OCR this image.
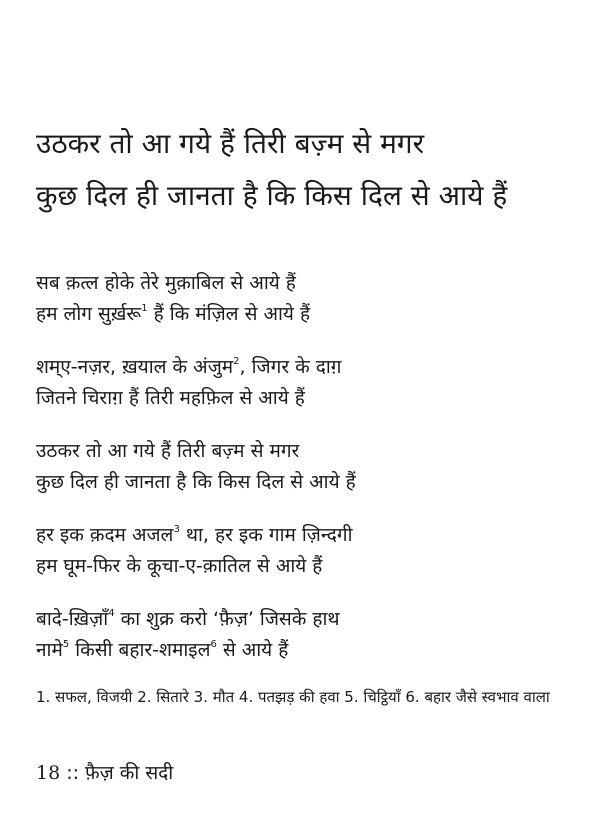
उठकर तो आ गये हैं तिरी बज़्म से मगर
कुछ दिल ही जानता है कि किस दिल से आये हैं
सब क़त्ल होके तेरे मुक़ाबिल से आये हैं
हम लोग सुर्ख़रू$^1$ हैं कि मंज़िल से आये हैं
शम्ए-नज़र, ख़याल के अंजुम$^2$, जिगर के दाग़
जितने चिराग़ हैं तिरी महफ़िल से आये हैं
उठकर तो आ गये हैं तिरी बज़्म से मगर
कुछ दिल ही जानता है कि किस दिल से आये हैं
हर इक क़दम अजल$^3$ था, हर इक गाम ज़िन्दगी
हम घूम-फिर के कूचा-ए-क़ातिल से आये हैं
बादे-ख़िज़ाँ$^4$ का शुक्र करो ‘फ़ैज़’ जिसके हाथ
नामे$^5$ किसी बहार-शमाइल$^6$ से आये हैं
1. सफल, विजयी 2. सितारे 3. मौत 4. पतझड़ की हवा 5. चिट्ठियाँ 6. बहार जैसे स्वभाव वाला
18 :: फ़ैज़ की सदी
